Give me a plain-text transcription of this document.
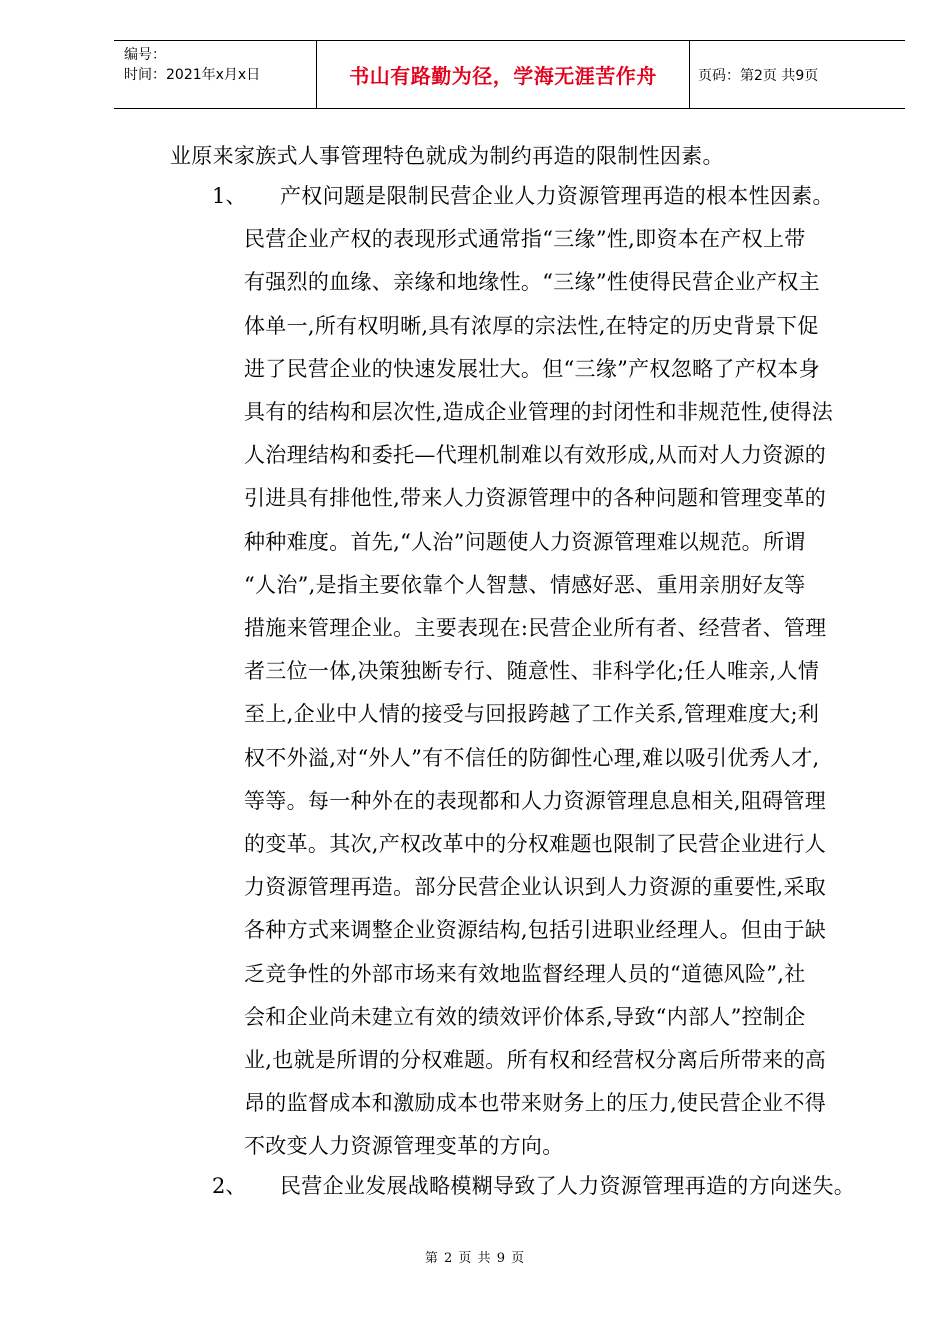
编号：
时间：2021年x月x日	书山有路勤为径，学海无涯苦作舟	页码：第2页 共9页
业原来家族式人事管理特色就成为制约再造的限制性因素。
1、 产权问题是限制民营企业人力资源管理再造的根本性因素。
民营企业产权的表现形式通常指“三缘”性,即资本在产权上带
有强烈的血缘、亲缘和地缘性。“三缘”性使得民营企业产权主
体单一,所有权明晰,具有浓厚的宗法性,在特定的历史背景下促
进了民营企业的快速发展壮大。但“三缘”产权忽略了产权本身
具有的结构和层次性,造成企业管理的封闭性和非规范性,使得法
人治理结构和委托—代理机制难以有效形成,从而对人力资源的
引进具有排他性,带来人力资源管理中的各种问题和管理变革的
种种难度。首先,“人治”问题使人力资源管理难以规范。所谓
“人治”,是指主要依靠个人智慧、情感好恶、重用亲朋好友等
措施来管理企业。主要表现在:民营企业所有者、经营者、管理
者三位一体,决策独断专行、随意性、非科学化;任人唯亲,人情
至上,企业中人情的接受与回报跨越了工作关系,管理难度大;利
权不外溢,对“外人”有不信任的防御性心理,难以吸引优秀人才,
等等。每一种外在的表现都和人力资源管理息息相关,阻碍管理
的变革。其次,产权改革中的分权难题也限制了民营企业进行人
力资源管理再造。部分民营企业认识到人力资源的重要性,采取
各种方式来调整企业资源结构,包括引进职业经理人。但由于缺
乏竞争性的外部市场来有效地监督经理人员的“道德风险”,社
会和企业尚未建立有效的绩效评价体系,导致“内部人”控制企
业,也就是所谓的分权难题。所有权和经营权分离后所带来的高
昂的监督成本和激励成本也带来财务上的压力,使民营企业不得
不改变人力资源管理变革的方向。
2、 民营企业发展战略模糊导致了人力资源管理再造的方向迷失。
第 2 页 共 9 页
